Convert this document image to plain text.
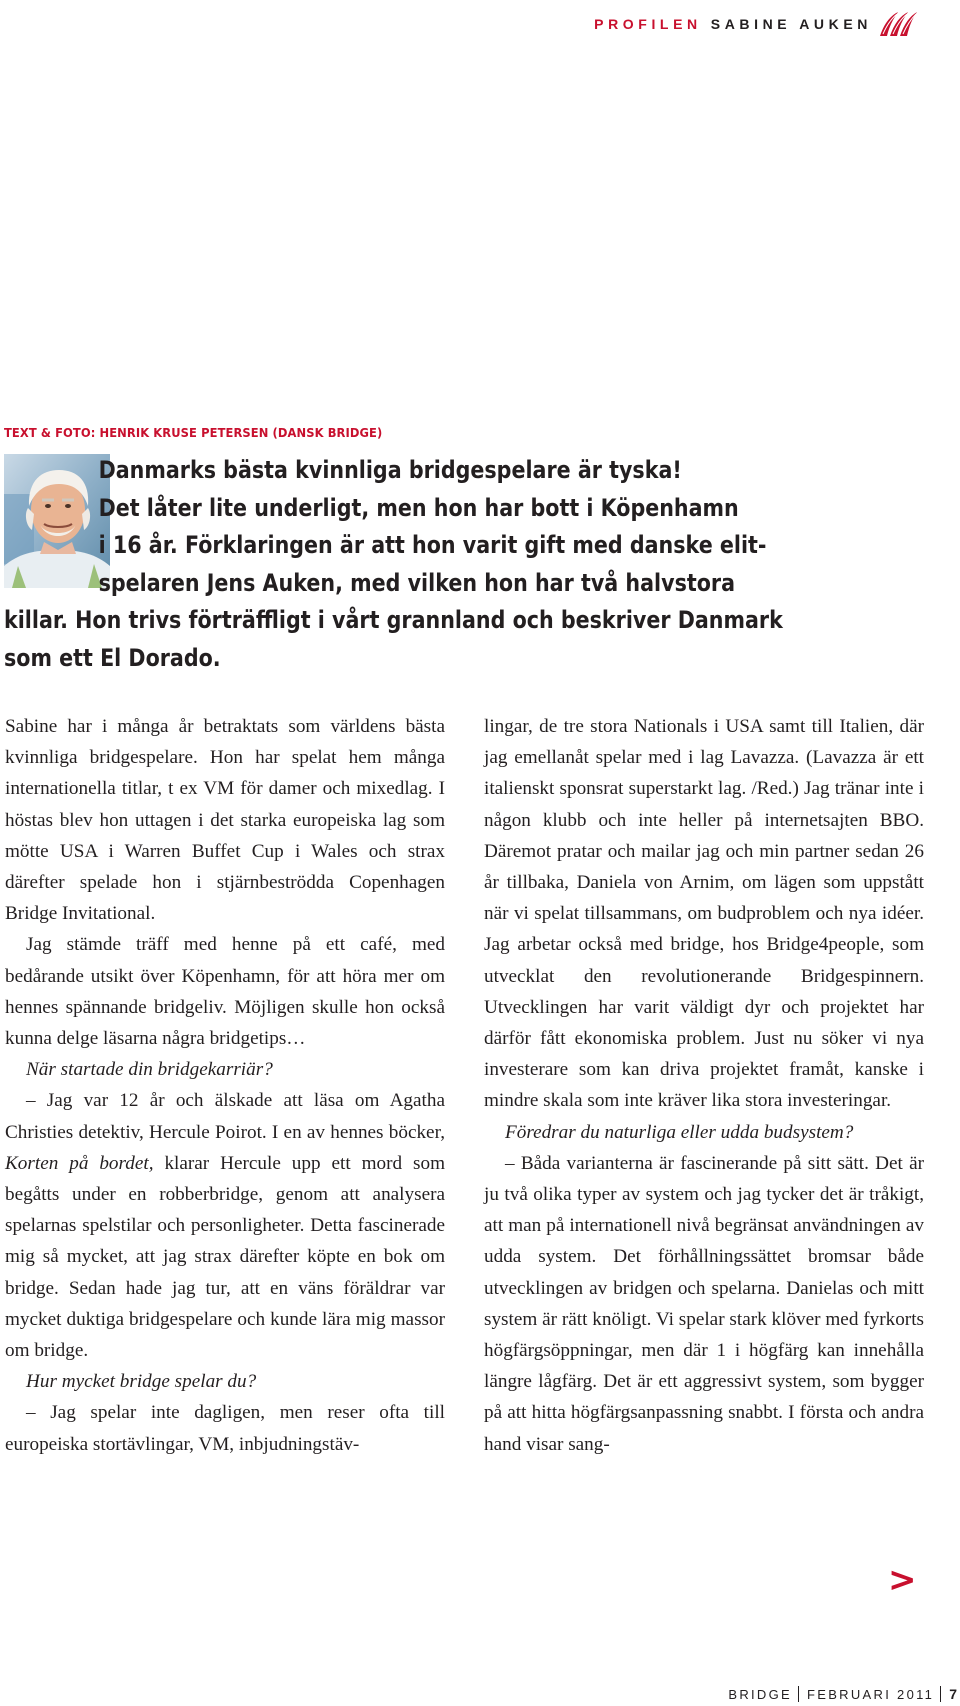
PROFILEN SABINE AUKEN
TEXT & FOTO: HENRIK KRUSE PETERSEN (DANSK BRIDGE)
Danmarks bästa kvinnliga bridgespelare är tyska!
Det låter lite underligt, men hon har bott i Köpenhamn
i 16 år. Förklaringen är att hon varit gift med danske elit-
spelaren Jens Auken, med vilken hon har två halvstora
killar. Hon trivs förträffligt i vårt grannland och beskriver Danmark
som ett El Dorado.

Sabine har i många år betraktats som världens bästa kvinnliga bridgespelare. Hon har spelat hem många internationella titlar, t ex VM för damer och mixedlag. I höstas blev hon uttagen i det starka europeiska lag som mötte USA i Warren Buffet Cup i Wales och strax därefter spelade hon i stjärnbeströdda Copenhagen Bridge Invitational.

Jag stämde träff med henne på ett café, med bedårande utsikt över Köpenhamn, för att höra mer om hennes spännande bridgeliv. Möjligen skulle hon också kunna delge läsarna några bridgetips…

När startade din bridgekarriär?

– Jag var 12 år och älskade att läsa om Agatha Christies detektiv, Hercule Poirot. I en av hennes böcker, Korten på bordet, klarar Hercule upp ett mord som begåtts under en robberbridge, genom att analysera spelarnas spelstilar och personligheter. Detta fascinerade mig så mycket, att jag strax därefter köpte en bok om bridge. Sedan hade jag tur, att en väns föräldrar var mycket duktiga bridgespelare och kunde lära mig massor om bridge.

Hur mycket bridge spelar du?

– Jag spelar inte dagligen, men reser ofta till europeiska stortävlingar, VM, inbjudningstäv-

lingar, de tre stora Nationals i USA samt till Italien, där jag emellanåt spelar med i lag Lavazza. (Lavazza är ett italienskt sponsrat superstarkt lag. /Red.) Jag tränar inte i någon klubb och inte heller på internetsajten BBO. Däremot pratar och mailar jag och min partner sedan 26 år tillbaka, Daniela von Arnim, om lägen som uppstått när vi spelat tillsammans, om budproblem och nya idéer. Jag arbetar också med bridge, hos Bridge4people, som utvecklat den revolutionerande Bridgespinnern. Utvecklingen har varit väldigt dyr och projektet har därför fått ekonomiska problem. Just nu söker vi nya investerare som kan driva projektet framåt, kanske i mindre skala som inte kräver lika stora investeringar.

Föredrar du naturliga eller udda budsystem?

– Båda varianterna är fascinerande på sitt sätt. Det är ju två olika typer av system och jag tycker det är tråkigt, att man på internationell nivå begränsat användningen av udda system. Det förhållningssättet bromsar både utvecklingen av bridgen och spelarna. Danielas och mitt system är rätt knöligt. Vi spelar stark klöver med fyrkorts högfärgsöppningar, men där 1 i högfärg kan innehålla längre lågfärg. Det är ett aggressivt system, som bygger på att hitta högfärgsanpassning snabbt. I första och andra hand visar sang-

>
BRIDGE FEBRUARI 2011 7
